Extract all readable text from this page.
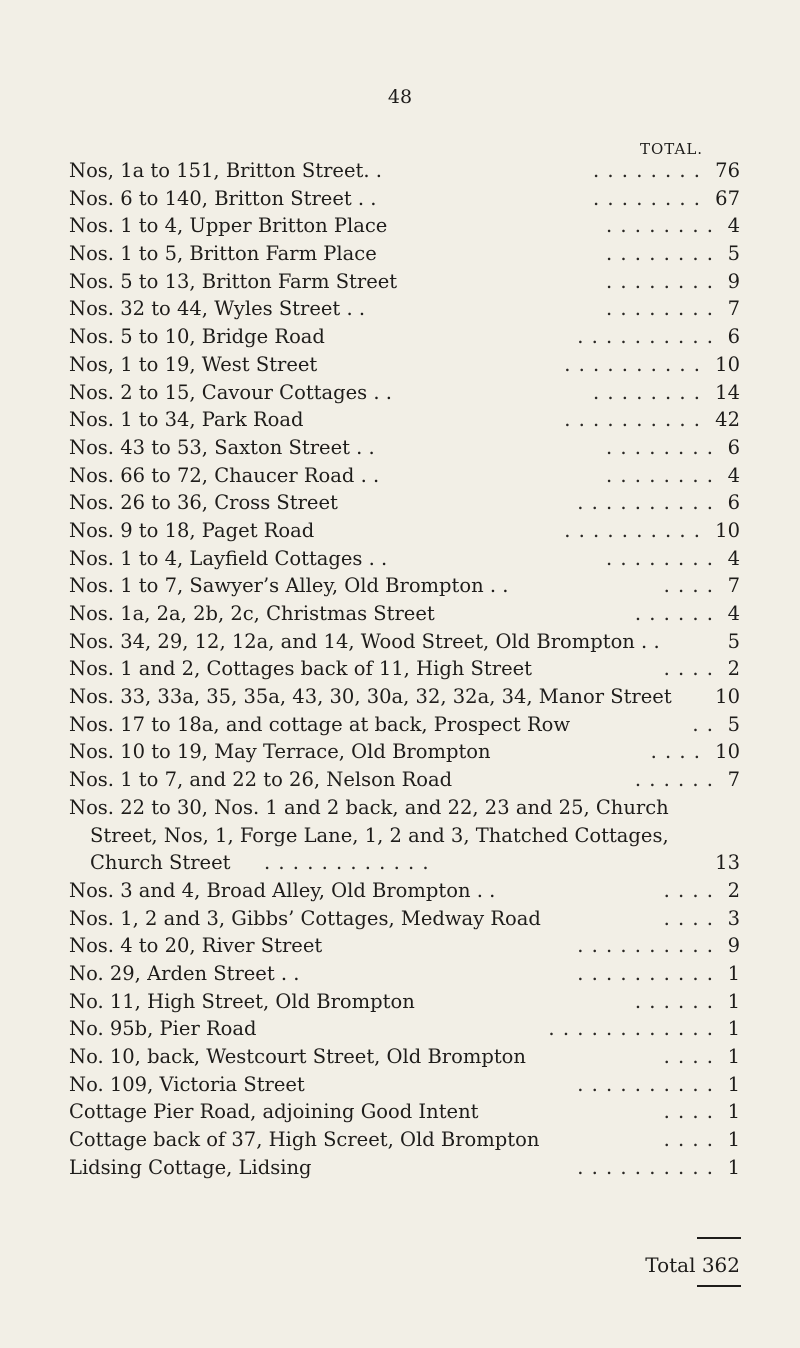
48
TOTAL.
Nos, 1a to 151, Britton Street. .	. . . . . . . . 76
Nos. 6 to 140, Britton Street . .	. . . . . . . . 67
Nos. 1 to 4, Upper Britton Place	. . . . . . . . 4
Nos. 1 to 5, Britton Farm Place	. . . . . . . . 5
Nos. 5 to 13, Britton Farm Street	. . . . . . . . 9
Nos. 32 to 44, Wyles Street . .	. . . . . . . . 7
Nos. 5 to 10, Bridge Road	. . . . . . . . . . 6
Nos, 1 to 19, West Street	. . . . . . . . . . 10
Nos. 2 to 15, Cavour Cottages . .	. . . . . . . . 14
Nos. 1 to 34, Park Road	. . . . . . . . . . 42
Nos. 43 to 53, Saxton Street . .	. . . . . . . . 6
Nos. 66 to 72, Chaucer Road . .	. . . . . . . . 4
Nos. 26 to 36, Cross Street	. . . . . . . . . . 6
Nos. 9 to 18, Paget Road	. . . . . . . . . . 10
Nos. 1 to 4, Layfield Cottages . .	. . . . . . . . 4
Nos. 1 to 7, Sawyer’s Alley, Old Brompton . .	. . . . 7
Nos. 1a, 2a, 2b, 2c, Christmas Street	. . . . . . 4
Nos. 34, 29, 12, 12a, and 14, Wood Street, Old Brompton . .	5
Nos. 1 and 2, Cottages back of 11, High Street	. . . . 2
Nos. 33, 33a, 35, 35a, 43, 30, 30a, 32, 32a, 34, Manor Street 10
Nos. 17 to 18a, and cottage at back, Prospect Row	. . 5
Nos. 10 to 19, May Terrace, Old Brompton	. . . . 10
Nos. 1 to 7, and 22 to 26, Nelson Road	. . . . . . 7
Nos. 22 to 30, Nos. 1 and 2 back, and 22, 23 and 25, Church
Street, Nos, 1, Forge Lane, 1, 2 and 3, Thatched Cottages,
Church Street . . . . . . . . . . . .	13
Nos. 3 and 4, Broad Alley, Old Brompton . .	. . . . 2
Nos. 1, 2 and 3, Gibbs’ Cottages, Medway Road	. . . . 3
Nos. 4 to 20, River Street	. . . . . . . . . . 9
No. 29, Arden Street . .	. . . . . . . . . . 1
No. 11, High Street, Old Brompton	. . . . . . 1
No. 95b, Pier Road	. . . . . . . . . . . . 1
No. 10, back, Westcourt Street, Old Brompton	. . . . 1
No. 109, Victoria Street	. . . . . . . . . . 1
Cottage Pier Road, adjoining Good Intent	. . . . 1
Cottage back of 37, High Screet, Old Brompton	. . . . 1
Lidsing Cottage, Lidsing	. . . . . . . . . . 1
Total 362
